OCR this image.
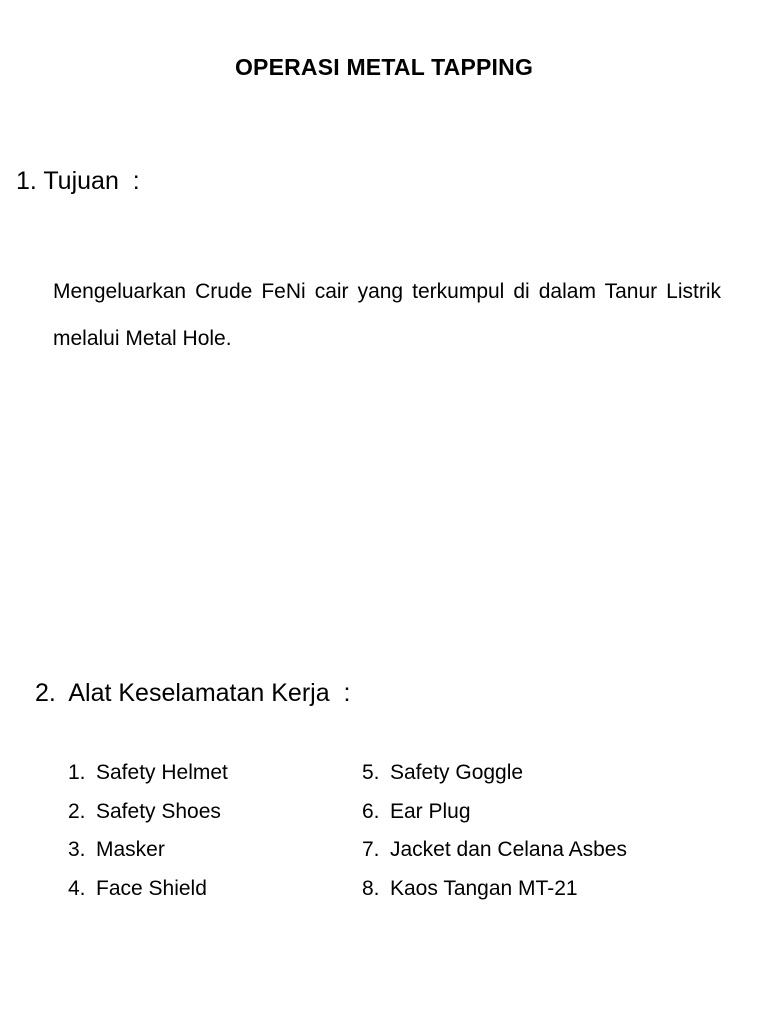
OPERASI METAL TAPPING
1. Tujuan  :
Mengeluarkan Crude FeNi cair yang terkumpul di dalam Tanur Listrik melalui Metal Hole.
2.  Alat Keselamatan Kerja  :
1. Safety Helmet
2. Safety Shoes
3. Masker
4. Face Shield
5. Safety Goggle
6. Ear Plug
7. Jacket dan Celana Asbes
8. Kaos Tangan MT-21
